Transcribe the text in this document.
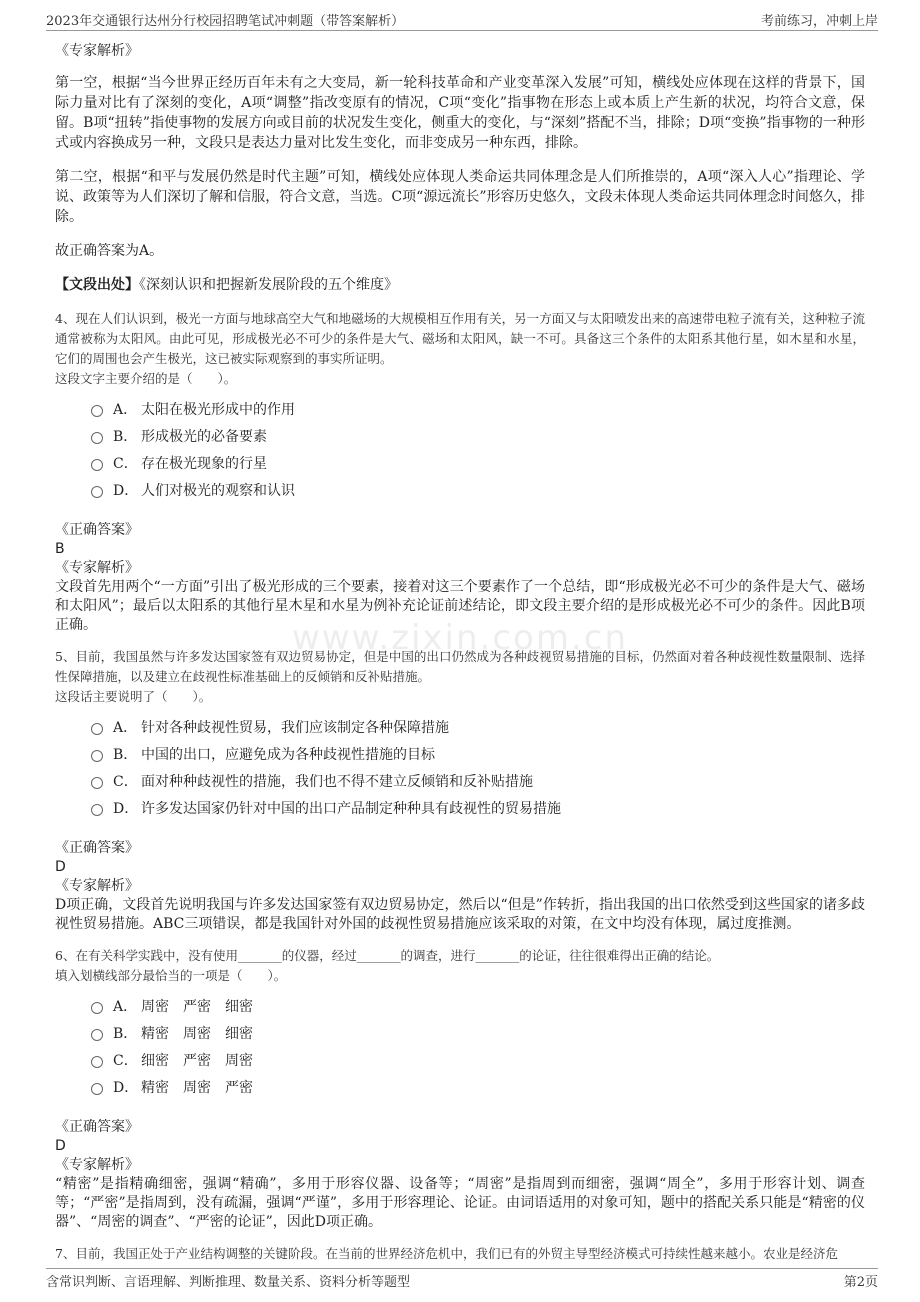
2023年交通银行达州分行校园招聘笔试冲刺题（带答案解析）	考前练习，冲刺上岸
www.zixin.com.cn
《专家解析》

第一空，根据“当今世界正经历百年未有之大变局，新一轮科技革命和产业变革深入发展”可知，横线处应体现在这样的背景下，国际力量对比有了深刻的变化，A项“调整”指改变原有的情况，C项“变化”指事物在形态上或本质上产生新的状况，均符合文意，保留。B项“扭转”指使事物的发展方向或目前的状况发生变化，侧重大的变化，与“深刻”搭配不当，排除；D项“变换”指事物的一种形式或内容换成另一种，文段只是表达力量对比发生变化，而非变成另一种东西，排除。

第二空，根据“和平与发展仍然是时代主题”可知，横线处应体现人类命运共同体理念是人们所推崇的，A项“深入人心”指理论、学说、政策等为人们深切了解和信服，符合文意，当选。C项“源远流长”形容历史悠久，文段未体现人类命运共同体理念时间悠久，排除。

故正确答案为A。

【文段出处】《深刻认识和把握新发展阶段的五个维度》

4、现在人们认识到，极光一方面与地球高空大气和地磁场的大规模相互作用有关，另一方面又与太阳喷发出来的高速带电粒子流有关，这种粒子流通常被称为太阳风。由此可见，形成极光必不可少的条件是大气、磁场和太阳风，缺一不可。具备这三个条件的太阳系其他行星，如木星和水星，它们的周围也会产生极光，这已被实际观察到的事实所证明。

这段文字主要介绍的是（　　）。

A． 太阳在极光形成中的作用
B． 形成极光的必备要素
C． 存在极光现象的行星
D． 人们对极光的观察和认识
《正确答案》
B
《专家解析》

文段首先用两个“一方面”引出了极光形成的三个要素，接着对这三个要素作了一个总结，即“形成极光必不可少的条件是大气、磁场和太阳风”；最后以太阳系的其他行星木星和水星为例补充论证前述结论，即文段主要介绍的是形成极光必不可少的条件。因此B项正确。

5、目前，我国虽然与许多发达国家签有双边贸易协定，但是中国的出口仍然成为各种歧视贸易措施的目标，仍然面对着各种歧视性数量限制、选择性保障措施，以及建立在歧视性标准基础上的反倾销和反补贴措施。

这段话主要说明了（　　）。

A． 针对各种歧视性贸易，我们应该制定各种保障措施
B． 中国的出口，应避免成为各种歧视性措施的目标
C． 面对种种歧视性的措施，我们也不得不建立反倾销和反补贴措施
D． 许多发达国家仍针对中国的出口产品制定种种具有歧视性的贸易措施
《正确答案》
D
《专家解析》

D项正确，文段首先说明我国与许多发达国家签有双边贸易协定，然后以“但是”作转折，指出我国的出口依然受到这些国家的诸多歧视性贸易措施。ABC三项错误，都是我国针对外国的歧视性贸易措施应该采取的对策，在文中均没有体现，属过度推测。

6、在有关科学实践中，没有使用_______的仪器，经过_______的调查，进行_______的论证，往往很难得出正确的结论。

填入划横线部分最恰当的一项是（　　）。

A． 周密　严密　细密
B． 精密　周密　细密
C． 细密　严密　周密
D． 精密　周密　严密
《正确答案》
D
《专家解析》

“精密”是指精确细密，强调“精确”，多用于形容仪器、设备等；“周密”是指周到而细密，强调“周全”，多用于形容计划、调查等；“严密”是指周到，没有疏漏，强调“严谨”，多用于形容理论、论证。由词语适用的对象可知，题中的搭配关系只能是“精密的仪器”、“周密的调查”、“严密的论证”，因此D项正确。

7、目前，我国正处于产业结构调整的关键阶段。在当前的世界经济危机中，我们已有的外贸主导型经济模式可持续性越来越小。农业是经济危

含常识判断、言语理解、判断推理、数量关系、资料分析等题型	第2页
